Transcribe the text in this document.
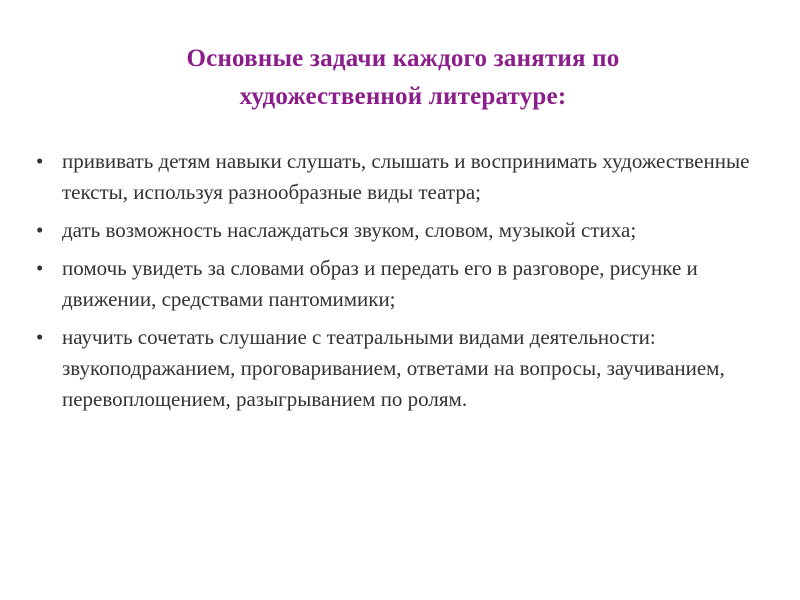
Основные задачи каждого занятия по художественной литературе:
• прививать детям навыки слушать, слышать и воспринимать художественные тексты, используя разнообразные виды театра;
• дать возможность наслаждаться звуком, словом, музыкой стиха;
• помочь увидеть за словами образ и передать его в разговоре, рисунке и движении, средствами пантомимики;
• научить сочетать слушание с театральными видами деятельности: звукоподражанием, проговариванием, ответами на вопросы, заучиванием, перевоплощением, разыгрыванием по ролям.
